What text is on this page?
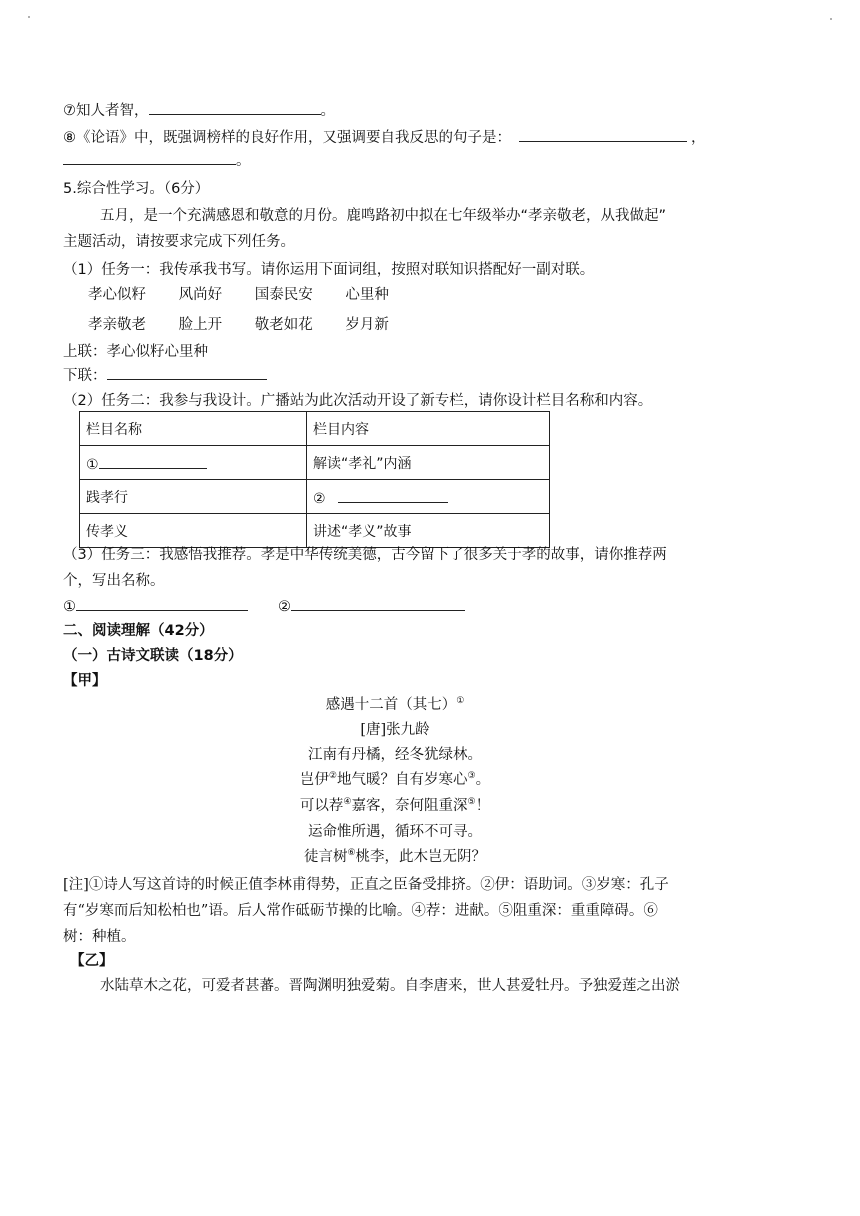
⑦知人者智，	。
⑧《论语》中，既强调榜样的良好作用，又强调要自我反思的句子是：	，
。
5.综合性学习。（6分）
五月，是一个充满感恩和敬意的月份。鹿鸣路初中拟在七年级举办“孝亲敬老，从我做起”
主题活动，请按要求完成下列任务。
（1）任务一：我传承我书写。请你运用下面词组，按照对联知识搭配好一副对联。
孝心似籽 风尚好 国泰民安 心里种
孝亲敬老 脸上开 敬老如花 岁月新
上联：孝心似籽心里种
下联：
（2）任务二：我参与我设计。广播站为此次活动开设了新专栏，请你设计栏目名称和内容。
栏目名称	栏目内容
①	解读“孝礼”内涵
践孝行	②
传孝义	讲述“孝义”故事
（3）任务三：我感悟我推荐。孝是中华传统美德，古今留下了很多关于孝的故事，请你推荐两
个，写出名称。
①	②
二、阅读理解（42分）
（一）古诗文联读（18分）
【甲】
感遇十二首（其七）①
[唐]张九龄
江南有丹橘，经冬犹绿林。
岂伊②地气暖？自有岁寒心③。
可以荐④嘉客，奈何阻重深⑤！
运命惟所遇，循环不可寻。
徒言树⑥桃李，此木岂无阴？
[注]①诗人写这首诗的时候正值李林甫得势，正直之臣备受排挤。②伊：语助词。③岁寒：孔子
有“岁寒而后知松柏也”语。后人常作砥砺节操的比喻。④荐：进献。⑤阻重深：重重障碍。⑥
树：种植。
【乙】
水陆草木之花，可爱者甚蕃。晋陶渊明独爱菊。自李唐来，世人甚爱牡丹。予独爱莲之出淤
